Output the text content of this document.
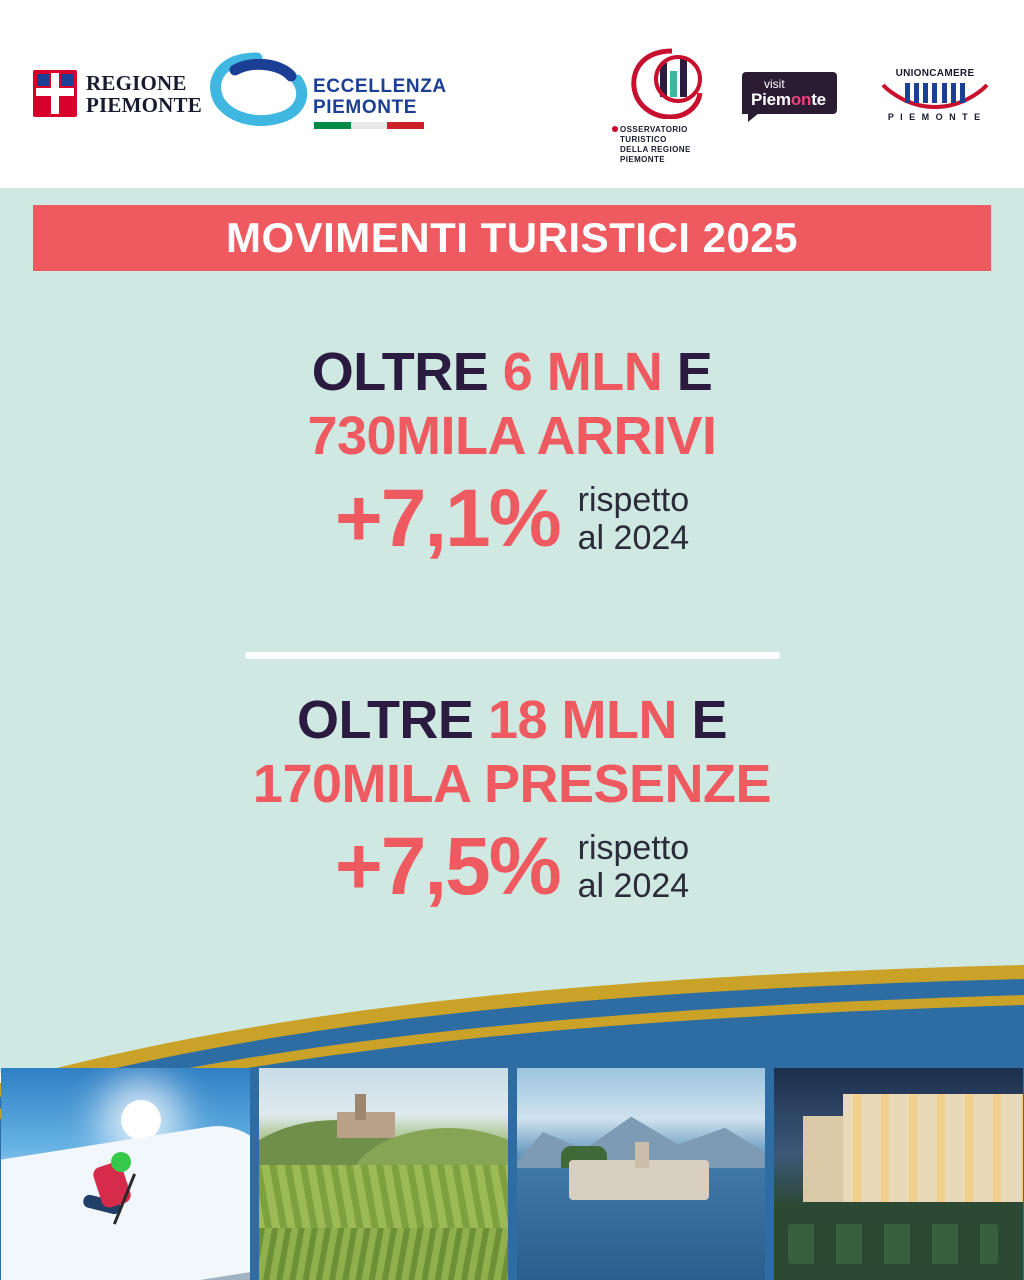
REGIONE
PIEMONTE
ECCELLENZA
PIEMONTE
OSSERVATORIO
TURISTICO
DELLA REGIONE
PIEMONTE
visit
Piemonte
UNIONCAMERE
P I E M O N T E
MOVIMENTI TURISTICI 2025
OLTRE 6 MLN E
730MILA ARRIVI
+7,1% rispetto
al 2024
OLTRE 18 MLN E
170MILA PRESENZE
+7,5% rispetto
al 2024
